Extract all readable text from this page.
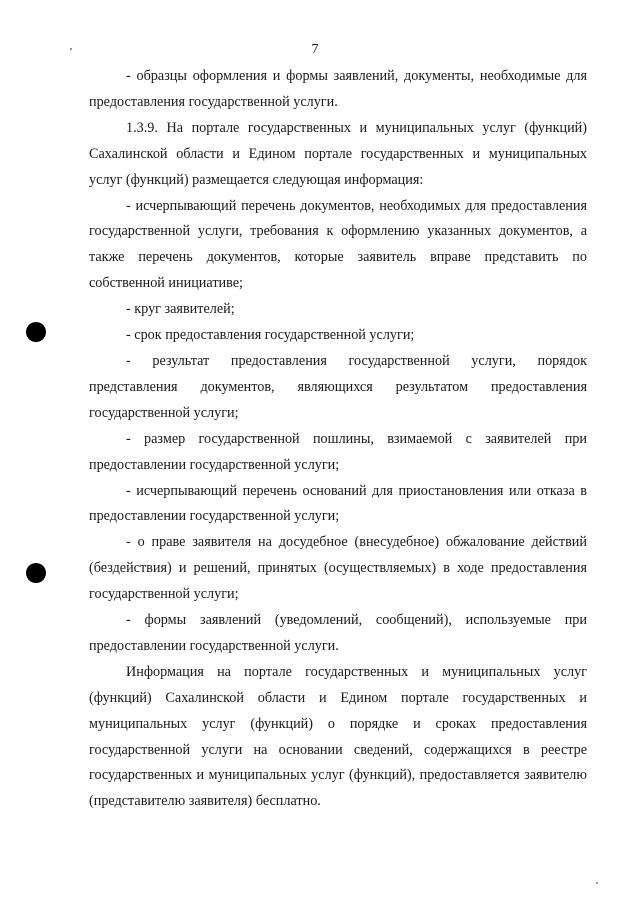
7

- образцы оформления и формы заявлений, документы, необходимые для предоставления государственной услуги.

1.3.9. На портале государственных и муниципальных услуг (функций) Сахалинской области и Едином портале государственных и муниципальных услуг (функций) размещается следующая информация:

- исчерпывающий перечень документов, необходимых для предоставления государственной услуги, требования к оформлению указанных документов, а также перечень документов, которые заявитель вправе представить по собственной инициативе;

- круг заявителей;

- срок предоставления государственной услуги;

- результат предоставления государственной услуги, порядок представления документов, являющихся результатом предоставления государственной услуги;

- размер государственной пошлины, взимаемой с заявителей при предоставлении государственной услуги;

- исчерпывающий перечень оснований для приостановления или отказа в предоставлении государственной услуги;

- о праве заявителя на досудебное (внесудебное) обжалование действий (бездействия) и решений, принятых (осуществляемых) в ходе предоставления государственной услуги;

- формы заявлений (уведомлений, сообщений), используемые при предоставлении государственной услуги.

Информация на портале государственных и муниципальных услуг (функций) Сахалинской области и Едином портале государственных и муниципальных услуг (функций) о порядке и сроках предоставления государственной услуги на основании сведений, содержащихся в реестре государственных и муниципальных услуг (функций), предоставляется заявителю (представителю заявителя) бесплатно.
